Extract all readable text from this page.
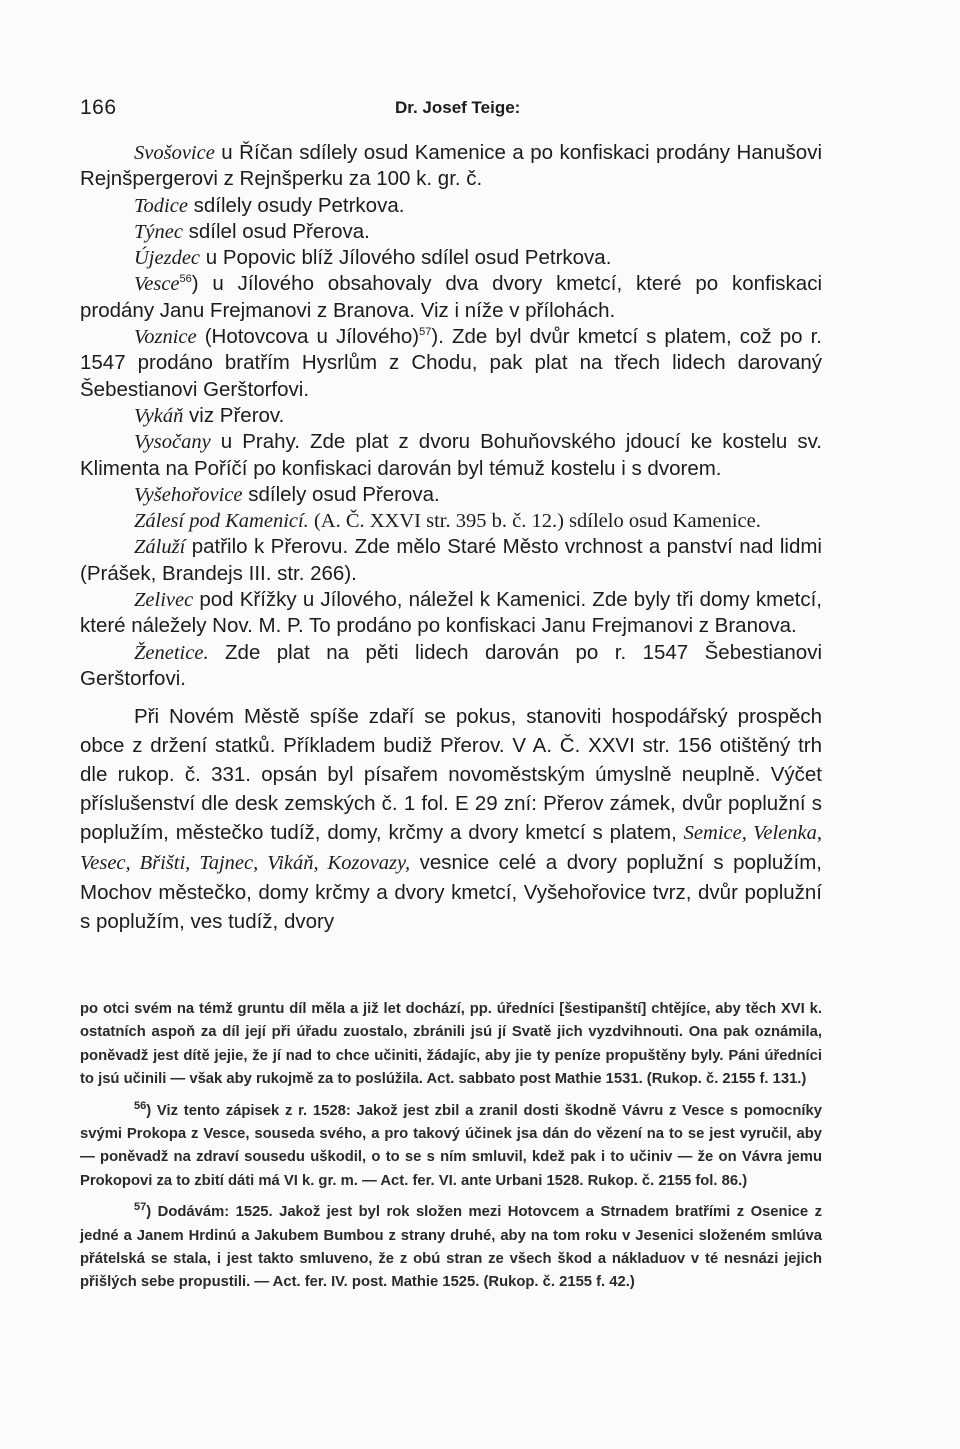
166	Dr. Josef Teige:

Svošovice u Říčan sdílely osud Kamenice a po konfiskaci prodány Hanušovi Rejnšpergerovi z Rejnšperku za 100 k. gr. č.

Todice sdílely osudy Petrkova.

Týnec sdílel osud Přerova.

Újezdec u Popovic blíž Jílového sdílel osud Petrkova.

Vesce$^{56}$) u Jílového obsahovaly dva dvory kmetcí, které po konfiskaci prodány Janu Frejmanovi z Branova. Viz i níže v přílohách.

Voznice (Hotovcova u Jílového)$^{57}$). Zde byl dvůr kmetcí s platem, což po r. 1547 prodáno bratřím Hysrlům z Chodu, pak plat na třech lidech darovaný Šebestianovi Gerštorfovi.

Vykáň viz Přerov.

Vysočany u Prahy. Zde plat z dvoru Bohuňovského jdoucí ke kostelu sv. Klimenta na Poříčí po konfiskaci darován byl témuž kostelu i s dvorem.

Vyšehořovice sdílely osud Přerova.

Zálesí pod Kamenicí. (A. Č. XXVI str. 395 b. č. 12.) sdílelo osud Kamenice.

Záluží patřilo k Přerovu. Zde mělo Staré Město vrchnost a panství nad lidmi (Prášek, Brandejs III. str. 266).

Zelivec pod Křížky u Jílového, náležel k Kamenici. Zde byly tři domy kmetcí, které náležely Nov. M. P. To prodáno po konfiskaci Janu Frejmanovi z Branova.

Ženetice. Zde plat na pěti lidech darován po r. 1547 Šebestianovi Gerštorfovi.

Při Novém Městě spíše zdaří se pokus, stanoviti hospodářský prospěch obce z držení statků. Příkladem budiž Přerov. V A. Č. XXVI str. 156 otištěný trh dle rukop. č. 331. opsán byl písařem novoměstským úmyslně neuplně. Výčet příslušenství dle desk zemských č. 1 fol. E 29 zní: Přerov zámek, dvůr poplužní s poplužím, městečko tudíž, domy, krčmy a dvory kmetcí s platem, Semice, Velenka, Vesec, Břišti, Tajnec, Vikáň, Kozovazy, vesnice celé a dvory poplužní s poplužím, Mochov městečko, domy krčmy a dvory kmetcí, Vyšehořovice tvrz, dvůr poplužní s poplužím, ves tudíž, dvory

po otci svém na témž gruntu díl měla a již let dochází, pp. úředníci [šestipanští] chtějíce, aby těch XVI k. ostatních aspoň za díl její při úřadu zuostalo, zbránili jsú jí Svatě jich vyzdvihnouti. Ona pak oznámila, poněvadž jest dítě jejie, že jí nad to chce učiniti, žádajíc, aby jie ty peníze propuštěny byly. Páni úředníci to jsú učinili — však aby rukojmě za to poslúžila. Act. sabbato post Mathie 1531. (Rukop. č. 2155 f. 131.)

$^{56}$) Viz tento zápisek z r. 1528: Jakož jest zbil a zranil dosti škodně Vávru z Vesce s pomocníky svými Prokopa z Vesce, souseda svého, a pro takový účinek jsa dán do vězení na to se jest vyručil, aby — poněvadž na zdraví sousedu uškodil, o to se s ním smluvil, kdež pak i to učiniv — že on Vávra jemu Prokopovi za to zbití dáti má VI k. gr. m. — Act. fer. VI. ante Urbani 1528. Rukop. č. 2155 fol. 86.)

$^{57}$) Dodávám: 1525. Jakož jest byl rok složen mezi Hotovcem a Strnadem bratřími z Osenice z jedné a Janem Hrdinú a Jakubem Bumbou z strany druhé, aby na tom roku v Jesenici složeném smlúva přátelská se stala, i jest takto smluveno, že z obú stran ze všech škod a nákladuov v té nesnázi jejich přišlých sebe propustili. — Act. fer. IV. post. Mathie 1525. (Rukop. č. 2155 f. 42.)
